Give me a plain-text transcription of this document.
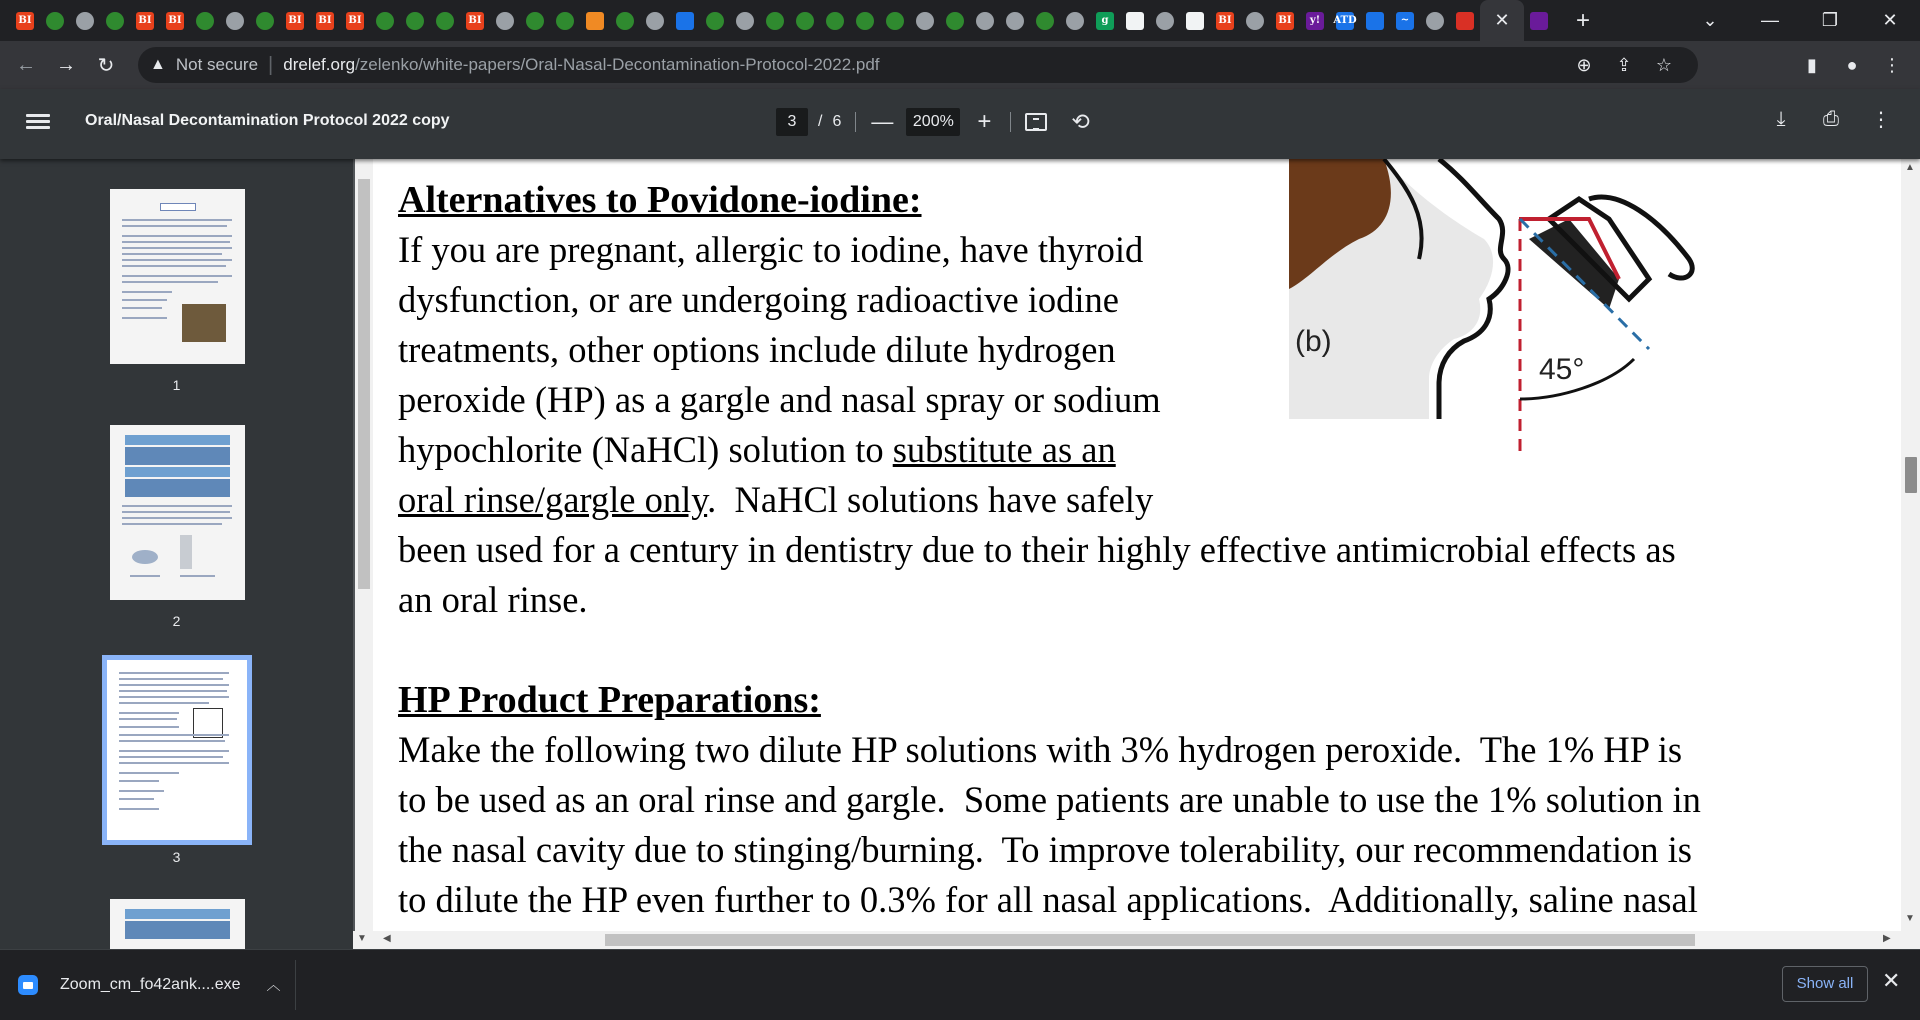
BI	BI BI	BI BI BI	BI	g	BI	BI	y!	ATD	~	✕	+	⌄	—	❐	✕
←	→	↻	▲ Not secure | drelef.org /zelenko/white-papers/Oral-Nasal-Decontamination-Protocol-2022.pdf	⊕	⇪	☆	▮	●	⋮
Oral/Nasal Decontamination Protocol 2022 copy	3	/ 6 —	200% +	⟲	⤓	⎙	⋮
1
2
3
(b)
45°
Alternatives to Povidone-iodine:
If you are pregnant, allergic to iodine, have thyroid
dysfunction, or are undergoing radioactive iodine
treatments, other options include dilute hydrogen
peroxide (HP) as a gargle and nasal spray or sodium
hypochlorite (NaHCl) solution to substitute as an
oral rinse/gargle only.  NaHCl solutions have safely
been used for a century in dentistry due to their highly effective antimicrobial effects as
an oral rinse.
HP Product Preparations:
Make the following two dilute HP solutions with 3% hydrogen peroxide.  The 1% HP is
to be used as an oral rinse and gargle.  Some patients are unable to use the 1% solution in
the nasal cavity due to stinging/burning.  To improve tolerability, our recommendation is
to dilute the HP even further to 0.3% for all nasal applications.  Additionally, saline nasal
▲
▼
▼ ◀	▶
Zoom_cm_fo42ank....exe ︿	Show all	✕
